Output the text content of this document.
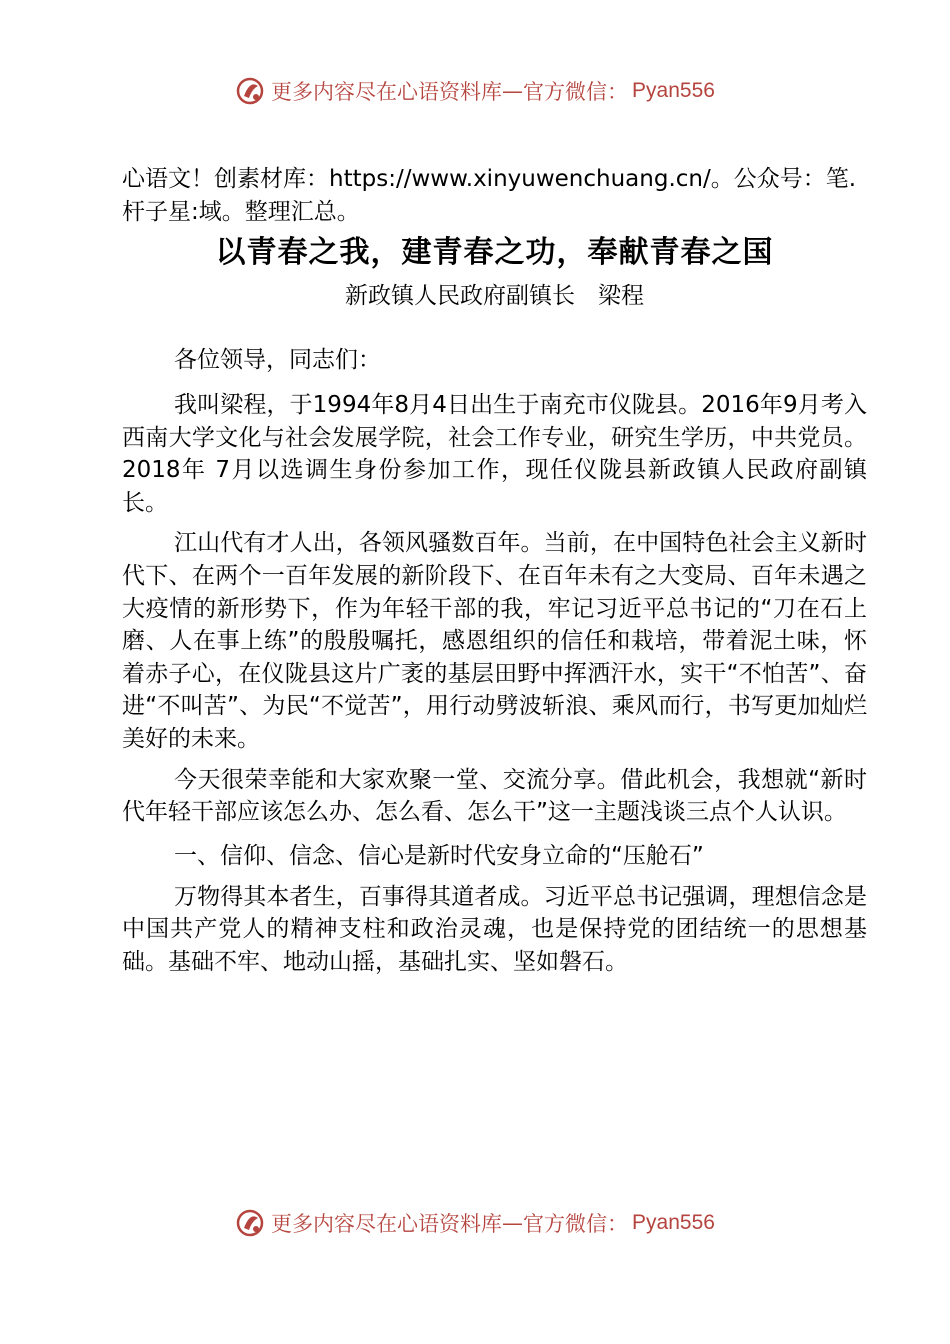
更多内容尽在心语资料库 — 官方微信： Pyan556

心语文！创素材库：https://www.xinyuwenchuang.cn/。公众号：笔.杆子星:域。整理汇总。

以青春之我，建青春之功，奉献青春之国

新政镇人民政府副镇长　梁程

各位领导，同志们：

我叫梁程，于1994年8月4日出生于南充市仪陇县。2016年9月考入西南大学文化与社会发展学院，社会工作专业，研究生学历，中共党员。2018年 7月以选调生身份参加工作，现任仪陇县新政镇人民政府副镇长。

江山代有才人出，各领风骚数百年。当前，在中国特色社会主义新时代下、在两个一百年发展的新阶段下、在百年未有之大变局、百年未遇之大疫情的新形势下，作为年轻干部的我，牢记习近平总书记的“刀在石上磨、人在事上练”的殷殷嘱托，感恩组织的信任和栽培，带着泥土味，怀着赤子心，在仪陇县这片广袤的基层田野中挥洒汗水，实干“不怕苦”、奋进“不叫苦”、为民“不觉苦”，用行动劈波斩浪、乘风而行，书写更加灿烂美好的未来。

今天很荣幸能和大家欢聚一堂、交流分享。借此机会，我想就“新时代年轻干部应该怎么办、怎么看、怎么干”这一主题浅谈三点个人认识。

一、信仰、信念、信心是新时代安身立命的“压舱石”

万物得其本者生，百事得其道者成。习近平总书记强调，理想信念是中国共产党人的精神支柱和政治灵魂，也是保持党的团结统一的思想基础。基础不牢、地动山摇，基础扎实、坚如磐石。

更多内容尽在心语资料库 — 官方微信： Pyan556
